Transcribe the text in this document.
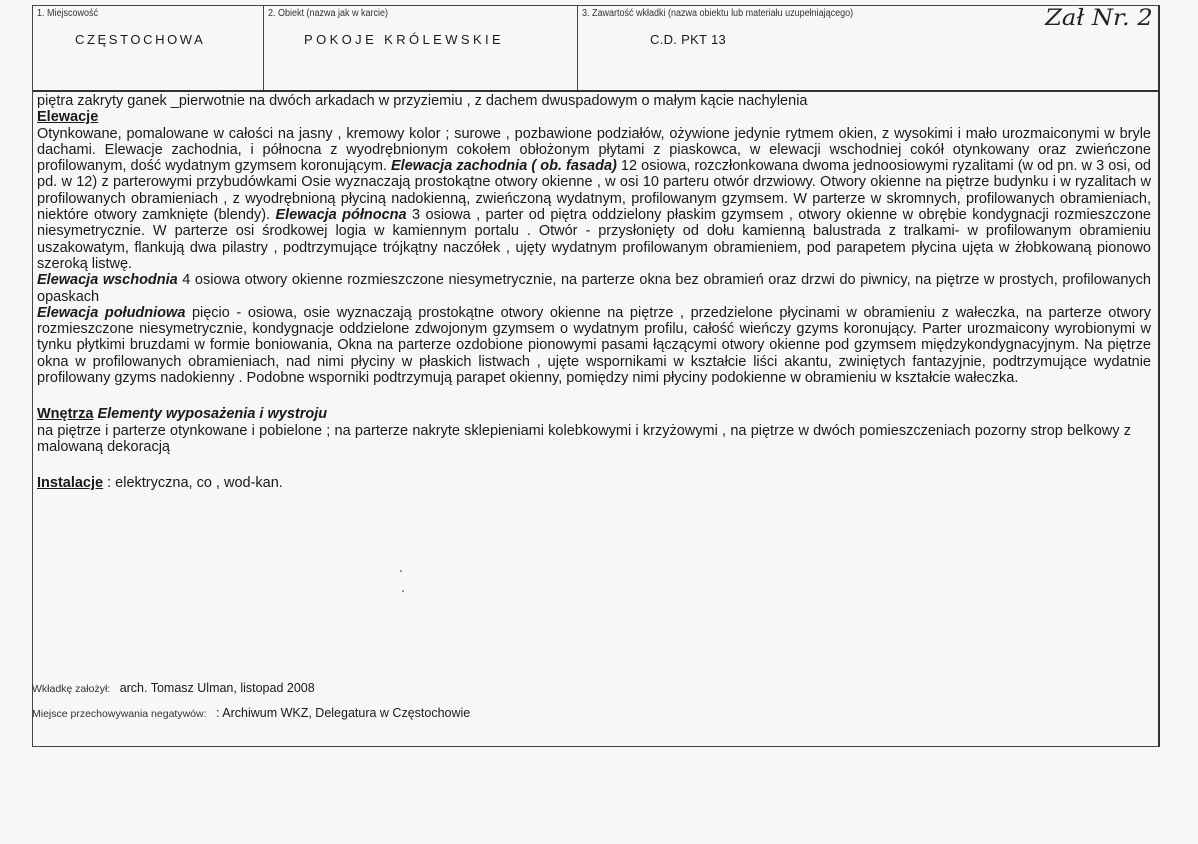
1. Miejscowość
CZĘSTOCHOWA
2. Obiekt (nazwa jak w karcie)
POKOJE KRÓLEWSKIE
3. Zawartość wkładki (nazwa obiektu lub materiału uzupełniającego)
C.D. PKT 13
Zał Nr. 2

piętra zakryty ganek _pierwotnie na dwóch arkadach w przyziemiu , z dachem dwuspadowym o małym kącie nachylenia

Elewacje

Otynkowane, pomalowane w całości na jasny , kremowy kolor ; surowe , pozbawione podziałów, ożywione jedynie rytmem okien, z wysokimi i mało urozmaiconymi w bryle dachami. Elewacje zachodnia, i północna z wyodrębnionym cokołem obłożonym płytami z piaskowca, w elewacji wschodniej cokół otynkowany oraz zwieńczone profilowanym, dość wydatnym gzymsem koronującym. Elewacja zachodnia ( ob. fasada) 12 osiowa, rozczłonkowana dwoma jednoosiowymi ryzalitami (w od pn. w 3 osi, od pd. w 12) z parterowymi przybudówkami Osie wyznaczają prostokątne otwory okienne , w osi 10 parteru otwór drzwiowy. Otwory okienne na piętrze budynku i w ryzalitach w profilowanych obramieniach , z wyodrębnioną płyciną nadokienną, zwieńczoną wydatnym, profilowanym gzymsem. W parterze w skromnych, profilowanych obramieniach, niektóre otwory zamknięte (blendy). Elewacja północna 3 osiowa , parter od piętra oddzielony płaskim gzymsem , otwory okienne w obrębie kondygnacji rozmieszczone niesymetrycznie. W parterze osi środkowej logia w kamiennym portalu . Otwór - przysłonięty od dołu kamienną balustrada z tralkami- w profilowanym obramieniu uszakowatym, flankują dwa pilastry , podtrzymujące trójkątny naczółek , ujęty wydatnym profilowanym obramieniem, pod parapetem płycina ujęta w żłobkowaną pionowo szeroką listwę.

Elewacja wschodnia 4 osiowa otwory okienne rozmieszczone niesymetrycznie, na parterze okna bez obramień oraz drzwi do piwnicy, na piętrze w prostych, profilowanych opaskach

Elewacja południowa pięcio - osiowa, osie wyznaczają prostokątne otwory okienne na piętrze , przedzielone płycinami w obramieniu z wałeczka, na parterze otwory rozmieszczone niesymetrycznie, kondygnacje oddzielone zdwojonym gzymsem o wydatnym profilu, całość wieńczy gzyms koronujący. Parter urozmaicony wyrobionymi w tynku płytkimi bruzdami w formie boniowania, Okna na parterze ozdobione pionowymi pasami łączącymi otwory okienne pod gzymsem międzykondygnacyjnym. Na piętrze okna w profilowanych obramieniach, nad nimi płyciny w płaskich listwach , ujęte wspornikami w kształcie liści akantu, zwiniętych fantazyjnie, podtrzymujące wydatnie profilowany gzyms nadokienny . Podobne wsporniki podtrzymują parapet okienny, pomiędzy nimi płyciny podokienne w obramieniu w kształcie wałeczka.

Wnętrza Elementy wyposażenia i wystroju

na piętrze i parterze otynkowane i pobielone ; na parterze nakryte sklepieniami kolebkowymi i krzyżowymi , na piętrze w dwóch pomieszczeniach pozorny strop belkowy z malowaną dekoracją

Instalacje : elektryczna, co , wod-kan.

Wkładkę założył: arch. Tomasz Ulman, listopad 2008
Miejsce przechowywania negatywów: : Archiwum WKZ, Delegatura w Częstochowie
